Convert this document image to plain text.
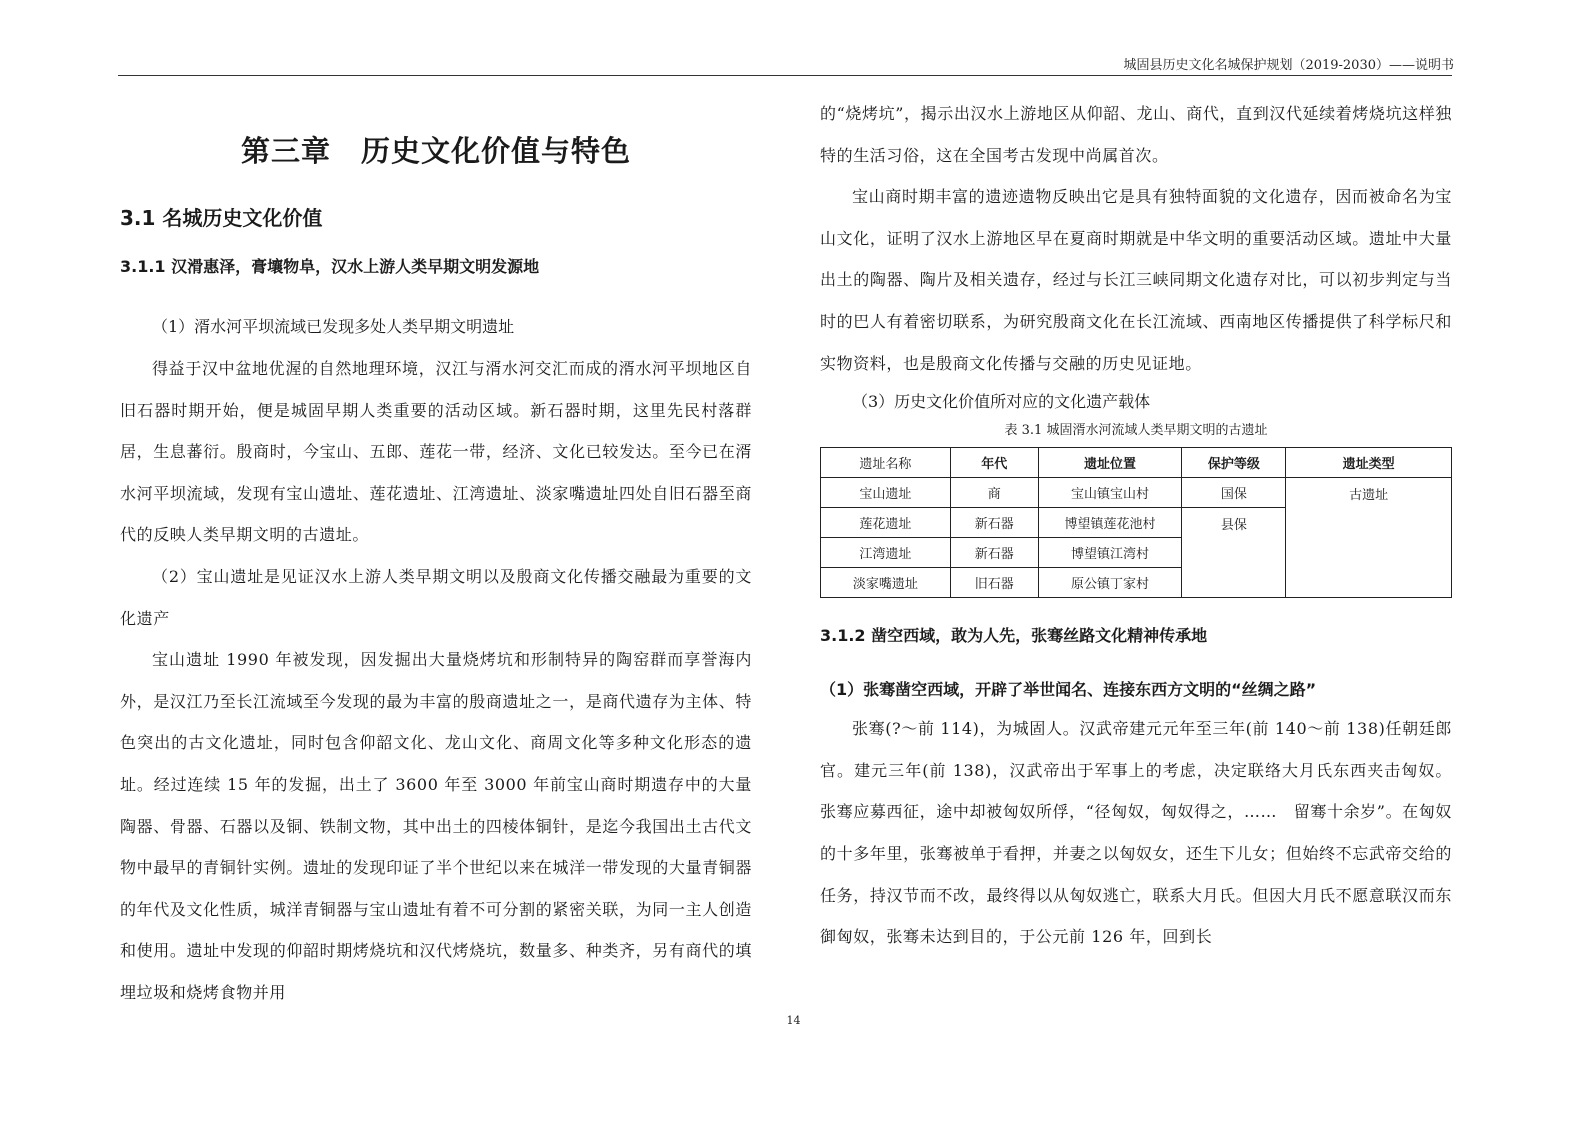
城固县历史文化名城保护规划（2019-2030）——说明书
第三章　历史文化价值与特色
3.1 名城历史文化价值
3.1.1 汉滑惠泽，膏壤物阜，汉水上游人类早期文明发源地
（1）湑水河平坝流域已发现多处人类早期文明遗址

得益于汉中盆地优渥的自然地理环境，汉江与湑水河交汇而成的湑水河平坝地区自旧石器时期开始，便是城固早期人类重要的活动区域。新石器时期，这里先民村落群居，生息蕃衍。殷商时，今宝山、五郎、莲花一带，经济、文化已较发达。至今已在湑水河平坝流域，发现有宝山遗址、莲花遗址、江湾遗址、淡家嘴遗址四处自旧石器至商代的反映人类早期文明的古遗址。

（2）宝山遗址是见证汉水上游人类早期文明以及殷商文化传播交融最为重要的文化遗产

宝山遗址 1990 年被发现，因发掘出大量烧烤坑和形制特异的陶窑群而享誉海内外，是汉江乃至长江流域至今发现的最为丰富的殷商遗址之一，是商代遗存为主体、特色突出的古文化遗址，同时包含仰韶文化、龙山文化、商周文化等多种文化形态的遗址。经过连续 15 年的发掘，出土了 3600 年至 3000 年前宝山商时期遗存中的大量陶器、骨器、石器以及铜、铁制文物，其中出土的四棱体铜针，是迄今我国出土古代文物中最早的青铜针实例。遗址的发现印证了半个世纪以来在城洋一带发现的大量青铜器的年代及文化性质，城洋青铜器与宝山遗址有着不可分割的紧密关联，为同一主人创造和使用。遗址中发现的仰韶时期烤烧坑和汉代烤烧坑，数量多、种类齐，另有商代的填埋垃圾和烧烤食物并用

的“烧烤坑”，揭示出汉水上游地区从仰韶、龙山、商代，直到汉代延续着烤烧坑这样独特的生活习俗，这在全国考古发现中尚属首次。

宝山商时期丰富的遗迹遗物反映出它是具有独特面貌的文化遗存，因而被命名为宝山文化，证明了汉水上游地区早在夏商时期就是中华文明的重要活动区域。遗址中大量出土的陶器、陶片及相关遗存，经过与长江三峡同期文化遗存对比，可以初步判定与当时的巴人有着密切联系，为研究殷商文化在长江流域、西南地区传播提供了科学标尺和实物资料，也是殷商文化传播与交融的历史见证地。

（3）历史文化价值所对应的文化遗产载体
表 3.1 城固湑水河流域人类早期文明的古遗址
遗址名称	年代	遗址位置	保护等级	遗址类型
宝山遗址	商	宝山镇宝山村	国保	古遗址
莲花遗址	新石器	博望镇莲花池村	县保	
江湾遗址	新石器	博望镇江湾村		
淡家嘴遗址	旧石器	原公镇丁家村		
3.1.2 凿空西域，敢为人先，张骞丝路文化精神传承地
（1）张骞凿空西域，开辟了举世闻名、连接东西方文明的“丝绸之路”

张骞(?～前 114)，为城固人。汉武帝建元元年至三年(前 140～前 138)任朝廷郎官。建元三年(前 138)，汉武帝出于军事上的考虑，决定联络大月氏东西夹击匈奴。张骞应募西征，途中却被匈奴所俘，“径匈奴，匈奴得之，……　留骞十余岁”。在匈奴的十多年里，张骞被单于看押，并妻之以匈奴女，还生下儿女；但始终不忘武帝交给的任务，持汉节而不改，最终得以从匈奴逃亡，联系大月氏。但因大月氏不愿意联汉而东御匈奴，张骞未达到目的，于公元前 126 年，回到长

14
